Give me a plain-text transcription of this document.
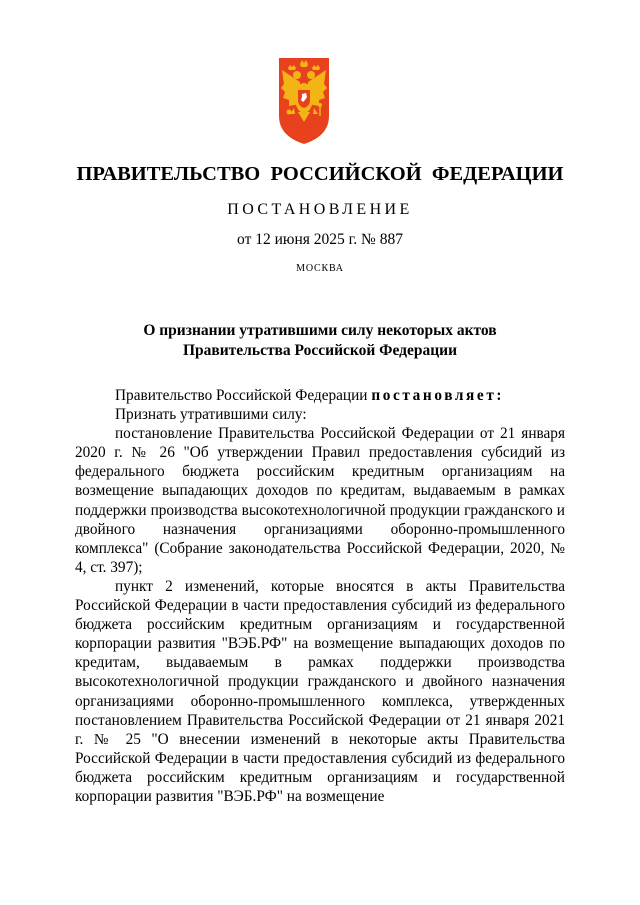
ПРАВИТЕЛЬСТВО  РОССИЙСКОЙ  ФЕДЕРАЦИИ
ПОСТАНОВЛЕНИЕ
от 12 июня 2025 г. № 887
МОСКВА
О признании утратившими силу некоторых актов
Правительства Российской Федерации

Правительство Российской Федерации постановляет:

Признать утратившими силу:

постановление Правительства Российской Федерации от 21 января 2020 г. № 26 "Об утверждении Правил предоставления субсидий из федерального бюджета российским кредитным организациям на возмещение выпадающих доходов по кредитам, выдаваемым в рамках поддержки производства высокотехнологичной продукции гражданского и двойного назначения организациями оборонно-промышленного комплекса" (Собрание законодательства Российской Федерации, 2020, № 4, ст. 397);

пункт 2 изменений, которые вносятся в акты Правительства Российской Федерации в части предоставления субсидий из федерального бюджета российским кредитным организациям и государственной корпорации развития "ВЭБ.РФ" на возмещение выпадающих доходов по кредитам, выдаваемым в рамках поддержки производства высокотехнологичной продукции гражданского и двойного назначения организациями оборонно-промышленного комплекса, утвержденных постановлением Правительства Российской Федерации от 21 января 2021 г. № 25 "О внесении изменений в некоторые акты Правительства Российской Федерации в части предоставления субсидий из федерального бюджета российским кредитным организациям и государственной корпорации развития "ВЭБ.РФ" на возмещение
